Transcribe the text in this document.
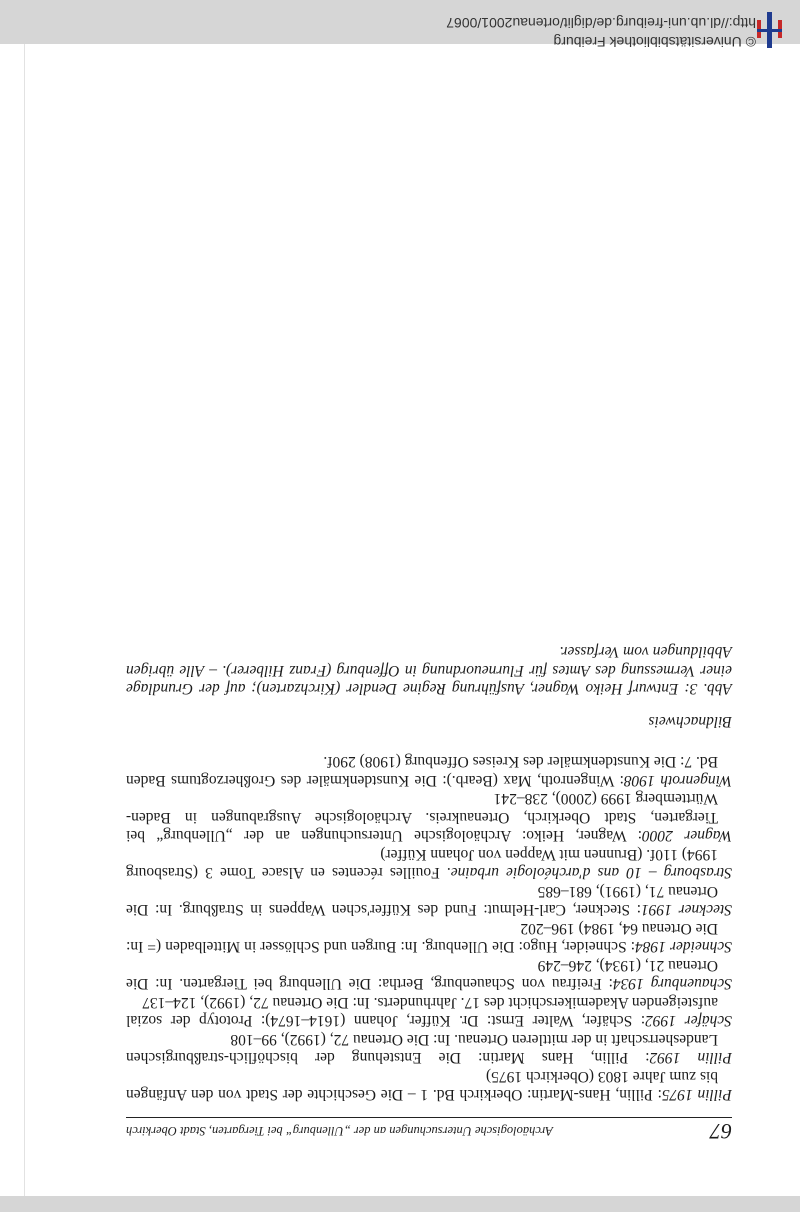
© Universitätsbibliothek Freiburg
http://dl.ub.uni-freiburg.de/diglit/ortenau2001/0067
67
Archäologische Untersuchungen an der „Ullenburg“ bei Tiergarten, Stadt Oberkirch

Pillin 1975: Pillin, Hans-Martin: Oberkirch Bd. 1 – Die Geschichte der Stadt von den Anfängen bis zum Jahre 1803 (Oberkirch 1975)

Pillin 1992: Pillin, Hans Martin: Die Entstehung der bischöflich-straßburgischen Landesherrschaft in der mittleren Ortenau. In: Die Ortenau 72, (1992), 99–108

Schäfer 1992: Schäfer, Walter Ernst: Dr. Küffer, Johann (1614–1674): Prototyp der sozial aufsteigenden Akademikerschicht des 17. Jahrhunderts. In: Die Ortenau 72, (1992), 124–137

Schauenburg 1934: Freifrau von Schauenburg, Bertha: Die Ullenburg bei Tiergarten. In: Die Ortenau 21, (1934), 246–249

Schneider 1984: Schneider, Hugo: Die Ullenburg. In: Burgen und Schlösser in Mittelbaden (= In: Die Ortenau 64, 1984) 196–202

Steckner 1991: Steckner, Carl-Helmut: Fund des Küffer'schen Wappens in Straßburg. In: Die Ortenau 71, (1991), 681–685

Strasbourg – 10 ans d'archéologie urbaine. Fouilles récentes en Alsace Tome 3 (Strasbourg 1994) 110f. (Brunnen mit Wappen von Johann Küffer)

Wagner 2000: Wagner, Heiko: Archäologische Untersuchungen an der „Ullenburg“ bei Tiergarten, Stadt Oberkirch, Ortenaukreis. Archäologische Ausgrabungen in Baden-Württemberg 1999 (2000), 238–241

Wingenroth 1908: Wingenroth, Max (Bearb.): Die Kunstdenkmäler des Großherzogtums Baden Bd. 7: Die Kunstdenkmäler des Kreises Offenburg (1908) 290f.

Bildnachweis
Abb. 3: Entwurf Heiko Wagner, Ausführung Regine Dendler (Kirchzarten); auf der Grundlage einer Vermessung des Amtes für Flurneuordnung in Offenburg (Franz Hilberer). – Alle übrigen Abbildungen vom Verfasser.
